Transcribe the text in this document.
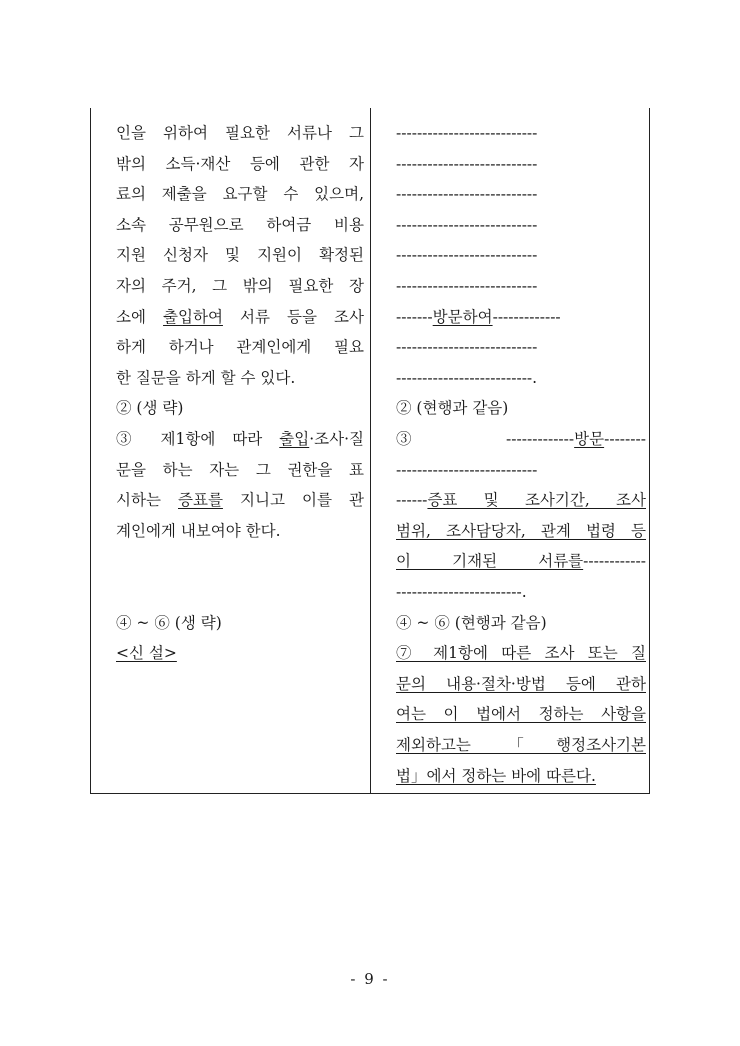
인을 위하여 필요한 서류나 그
밖의 소득·재산 등에 관한 자
료의 제출을 요구할 수 있으며,
소속 공무원으로 하여금 비용
지원 신청자 및 지원이 확정된
자의 주거, 그 밖의 필요한 장
소에 출입하여 서류 등을 조사
하게 하거나 관계인에게 필요
한 질문을 하게 할 수 있다.
② (생 략)
③ 제1항에 따라 출입·조사·질
문을 하는 자는 그 권한을 표
시하는 증표를 지니고 이를 관
계인에게 내보여야 한다.
④ ~ ⑥ (생 략)
<신 설>
---------------------------
---------------------------
---------------------------
---------------------------
---------------------------
---------------------------
-------방문하여-------------
---------------------------
--------------------------.
② (현행과 같음)
③ -------------방문--------
---------------------------
------증표 및 조사기간, 조사
범위, 조사담당자, 관계 법령 등
이 기재된 서류를------------
------------------------.
④ ~ ⑥ (현행과 같음)
⑦ 제1항에 따른 조사 또는 질
문의 내용·절차·방법 등에 관하
여는 이 법에서 정하는 사항을
제외하고는 「행정조사기본
법」에서 정하는 바에 따른다.
- 9 -
